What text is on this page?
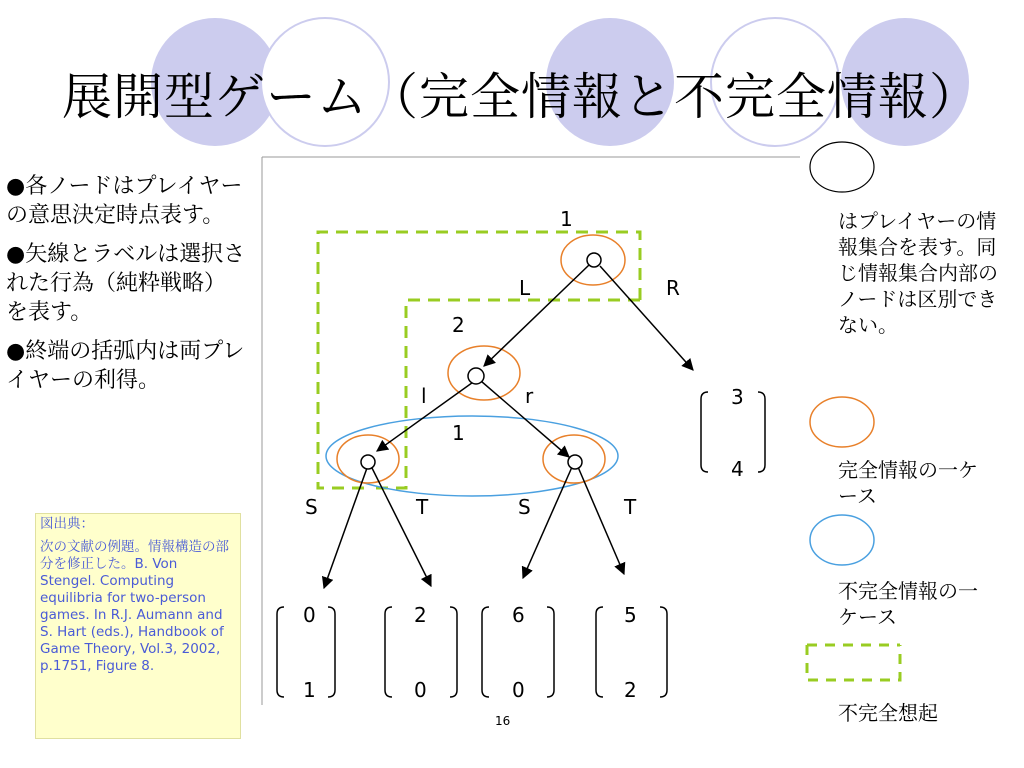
展開型ゲーム（完全情報と不完全情報）

●各ノードはプレイヤーの意思決定時点表す。

●矢線とラベルは選択された行為（純粋戦略）を表す。

●終端の括弧内は両プレイヤーの利得。

図出典：

次の文献の例題。情報構造の部分を修正した。B. Von Stengel. Computing equilibria for two-person games. In R.J. Aumann and S. Hart (eds.), Handbook of Game Theory, Vol.3, 2002, p.1751, Figure 8.

1
2
1
L	R
l	r
S	T	S	T
3
4
0
1
2
0
6
0
5
2
はプレイヤーの情報集合を表す。同じ情報集合内部のノードは区別できない。
完全情報の一ケース
不完全情報の一ケース
不完全想起
16
